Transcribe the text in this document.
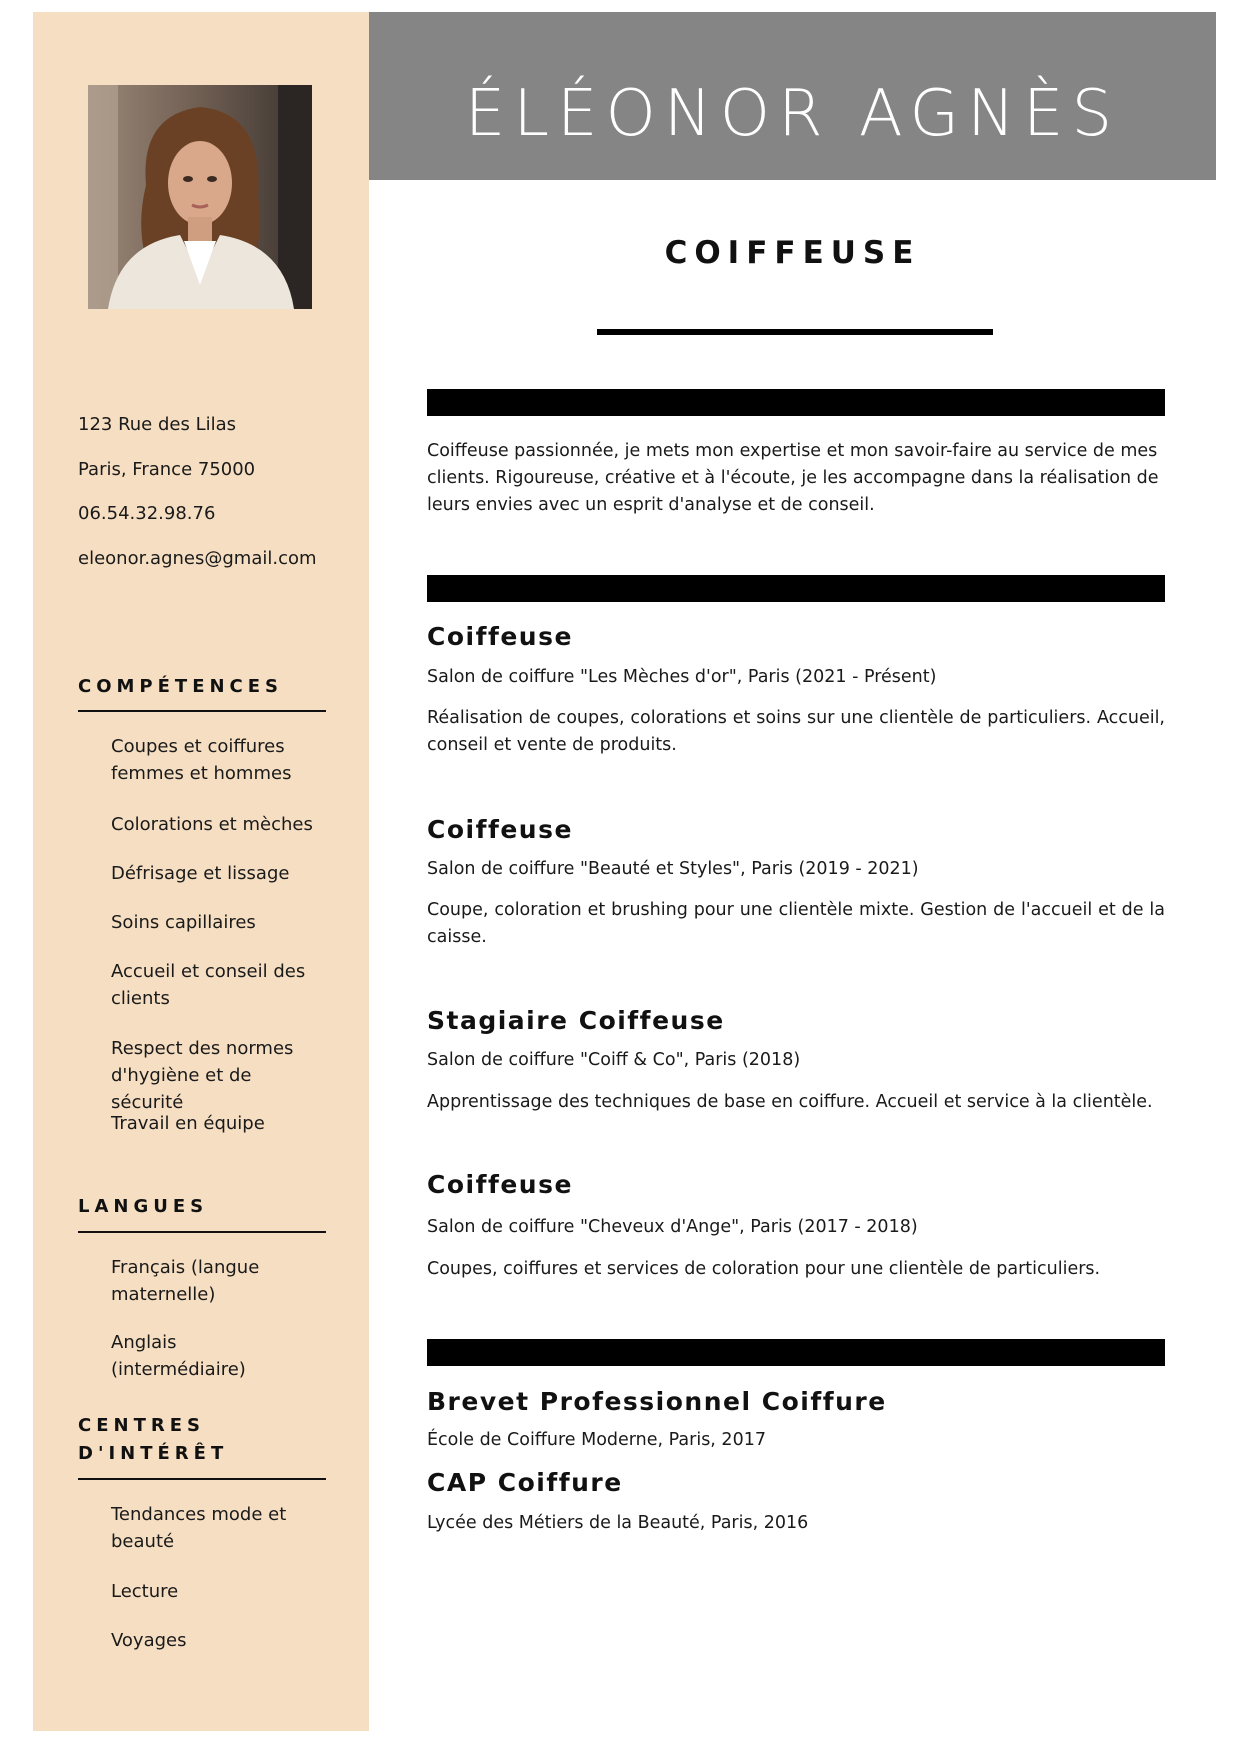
ÉLÉONOR AGNÈS
COIFFEUSE

123 Rue des Lilas

Paris, France 75000

06.54.32.98.76

eleonor.agnes@gmail.com

COMPÉTENCES

Coupes et coiffures femmes et hommes

Colorations et mèches

Défrisage et lissage

Soins capillaires

Accueil et conseil des clients

Respect des normes d'hygiène et de sécurité

Travail en équipe

LANGUES

Français (langue maternelle)

Anglais (intermédiaire)

CENTRES

D'INTÉRÊT

Tendances mode et beauté

Lecture

Voyages

Coiffeuse passionnée, je mets mon expertise et mon savoir-faire au service de mes clients. Rigoureuse, créative et à l'écoute, je les accompagne dans la réalisation de leurs envies avec un esprit d'analyse et de conseil.

Coiffeuse

Salon de coiffure "Les Mèches d'or", Paris (2021 - Présent)

Réalisation de coupes, colorations et soins sur une clientèle de particuliers. Accueil, conseil et vente de produits.

Coiffeuse

Salon de coiffure "Beauté et Styles", Paris (2019 - 2021)

Coupe, coloration et brushing pour une clientèle mixte. Gestion de l'accueil et de la caisse.

Stagiaire Coiffeuse

Salon de coiffure "Coiff & Co", Paris (2018)

Apprentissage des techniques de base en coiffure. Accueil et service à la clientèle.

Coiffeuse

Salon de coiffure "Cheveux d'Ange", Paris (2017 - 2018)

Coupes, coiffures et services de coloration pour une clientèle de particuliers.

Brevet Professionnel Coiffure

École de Coiffure Moderne, Paris, 2017

CAP Coiffure

Lycée des Métiers de la Beauté, Paris, 2016
